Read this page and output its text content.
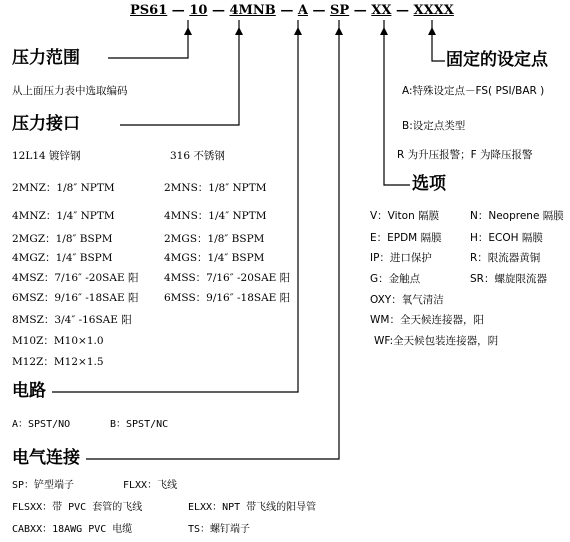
PS61 — 10 — 4MNB — A — SP — XX — XXXX
压力范围
从上面压力表中选取编码
压力接口
12L14 镀锌钢	316 不锈钢
2MNZ：1/8″ NPTM	2MNS：1/8″ NPTM
4MNZ：1/4″ NPTM	4MNS：1/4″ NPTM
2MGZ：1/8″ BSPM	2MGS：1/8″ BSPM
4MGZ：1/4″ BSPM	4MGS：1/4″ BSPM
4MSZ：7/16″ -20SAE 阳 4MSS：7/16″ -20SAE 阳
6MSZ：9/16″ -18SAE 阳 6MSS：9/16″ -18SAE 阳
8MSZ：3/4″ -16SAE 阳
M10Z：M10×1.0
M12Z：M12×1.5
电路
A：SPST/NO	B：SPST/NC
电气连接
SP：铲型端子	FLXX：飞线
FLSXX：带 PVC 套管的飞线	ELXX：NPT 带飞线的阳导管
CABXX：18AWG PVC 电缆	TS：螺钉端子
选项
V：Viton 隔膜	N：Neoprene 隔膜
E：EPDM 隔膜	H：ECOH 隔膜
IP：进口保护	R：限流器黄铜
G：金触点	SR：螺旋限流器
OXY：氧气清洁
WM：全天候连接器，阳
WF:全天候包装连接器，阴
固定的设定点
A:特殊设定点－FS( PSI/BAR )
B:设定点类型
R 为升压报警；F 为降压报警
